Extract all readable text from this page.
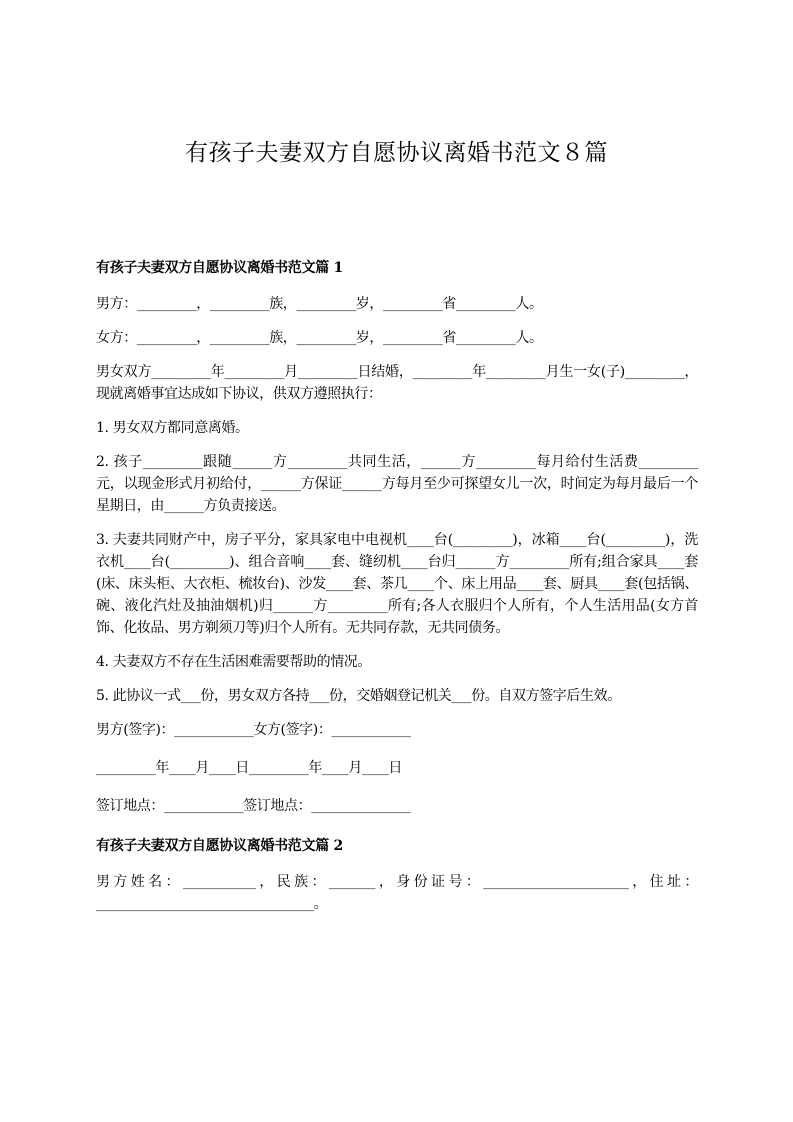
有孩子夫妻双方自愿协议离婚书范文８篇
有孩子夫妻双方自愿协议离婚书范文篇 1

男方：_________，_________族，_________岁，_________省_________人。

女方：_________，_________族，_________岁，_________省_________人。

男女双方_________年_________月_________日结婚，_________年_________月生一女(子)_________，现就离婚事宜达成如下协议，供双方遵照执行：

1. 男女双方都同意离婚。

2. 孩子_________跟随______方_________共同生活，______方_________每月给付生活费_________元，以现金形式月初给付，______方保证______方每月至少可探望女儿一次，时间定为每月最后一个星期日，由______方负责接送。

3. 夫妻共同财产中，房子平分，家具家电中电视机____台(_________)，冰箱____台(_________)，洗衣机____台(_________)、组合音响____套、缝纫机____台归______方_________所有;组合家具____套(床、床头柜、大衣柜、梳妆台)、沙发____套、茶几____个、床上用品____套、厨具____套(包括锅、碗、液化汽灶及抽油烟机)归______方_________所有;各人衣服归个人所有，个人生活用品(女方首饰、化妆品、男方剃须刀等)归个人所有。无共同存款，无共同债务。

4. 夫妻双方不存在生活困难需要帮助的情况。

5. 此协议一式___份，男女双方各持___份，交婚姻登记机关___份。自双方签字后生效。

男方(签字)：____________女方(签字)：____________
_________年____月____日_________年____月____日
签订地点：____________签订地点：_______________
有孩子夫妻双方自愿协议离婚书范文篇 2

男方姓名：___________，民族：_______，身份证号：______________________，住址：_________________________________。
